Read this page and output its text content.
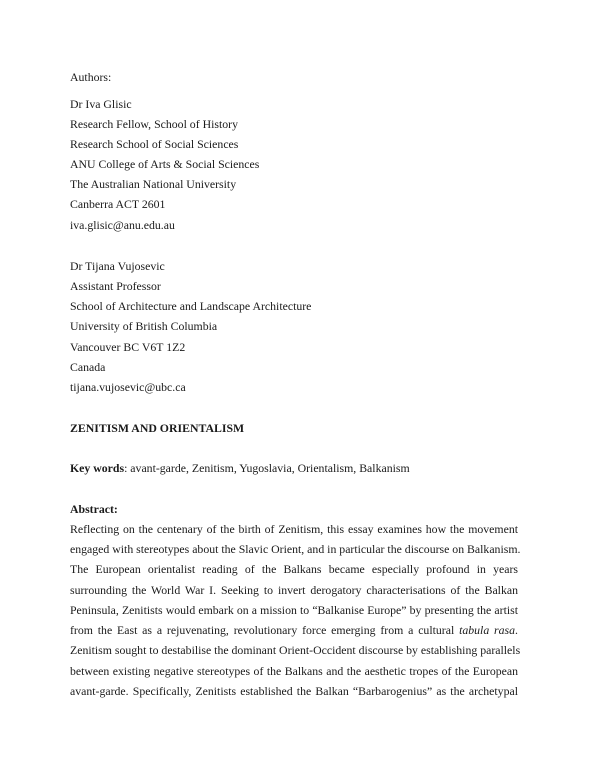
Authors:
Dr Iva Glisic
Research Fellow, School of History
Research School of Social Sciences
ANU College of Arts & Social Sciences
The Australian National University
Canberra ACT 2601
iva.glisic@anu.edu.au
Dr Tijana Vujosevic
Assistant Professor
School of Architecture and Landscape Architecture
University of British Columbia
Vancouver BC V6T 1Z2
Canada
tijana.vujosevic@ubc.ca
ZENITISM AND ORIENTALISM
Key words: avant-garde, Zenitism, Yugoslavia, Orientalism, Balkanism
Abstract:
Reflecting on the centenary of the birth of Zenitism, this essay examines how the movement
engaged with stereotypes about the Slavic Orient, and in particular the discourse on Balkanism.
The European orientalist reading of the Balkans became especially profound in years
surrounding the World War I. Seeking to invert derogatory characterisations of the Balkan
Peninsula, Zenitists would embark on a mission to “Balkanise Europe” by presenting the artist
from the East as a rejuvenating, revolutionary force emerging from a cultural tabula rasa.
Zenitism sought to destabilise the dominant Orient-Occident discourse by establishing parallels
between existing negative stereotypes of the Balkans and the aesthetic tropes of the European
avant-garde. Specifically, Zenitists established the Balkan “Barbarogenius” as the archetypal
